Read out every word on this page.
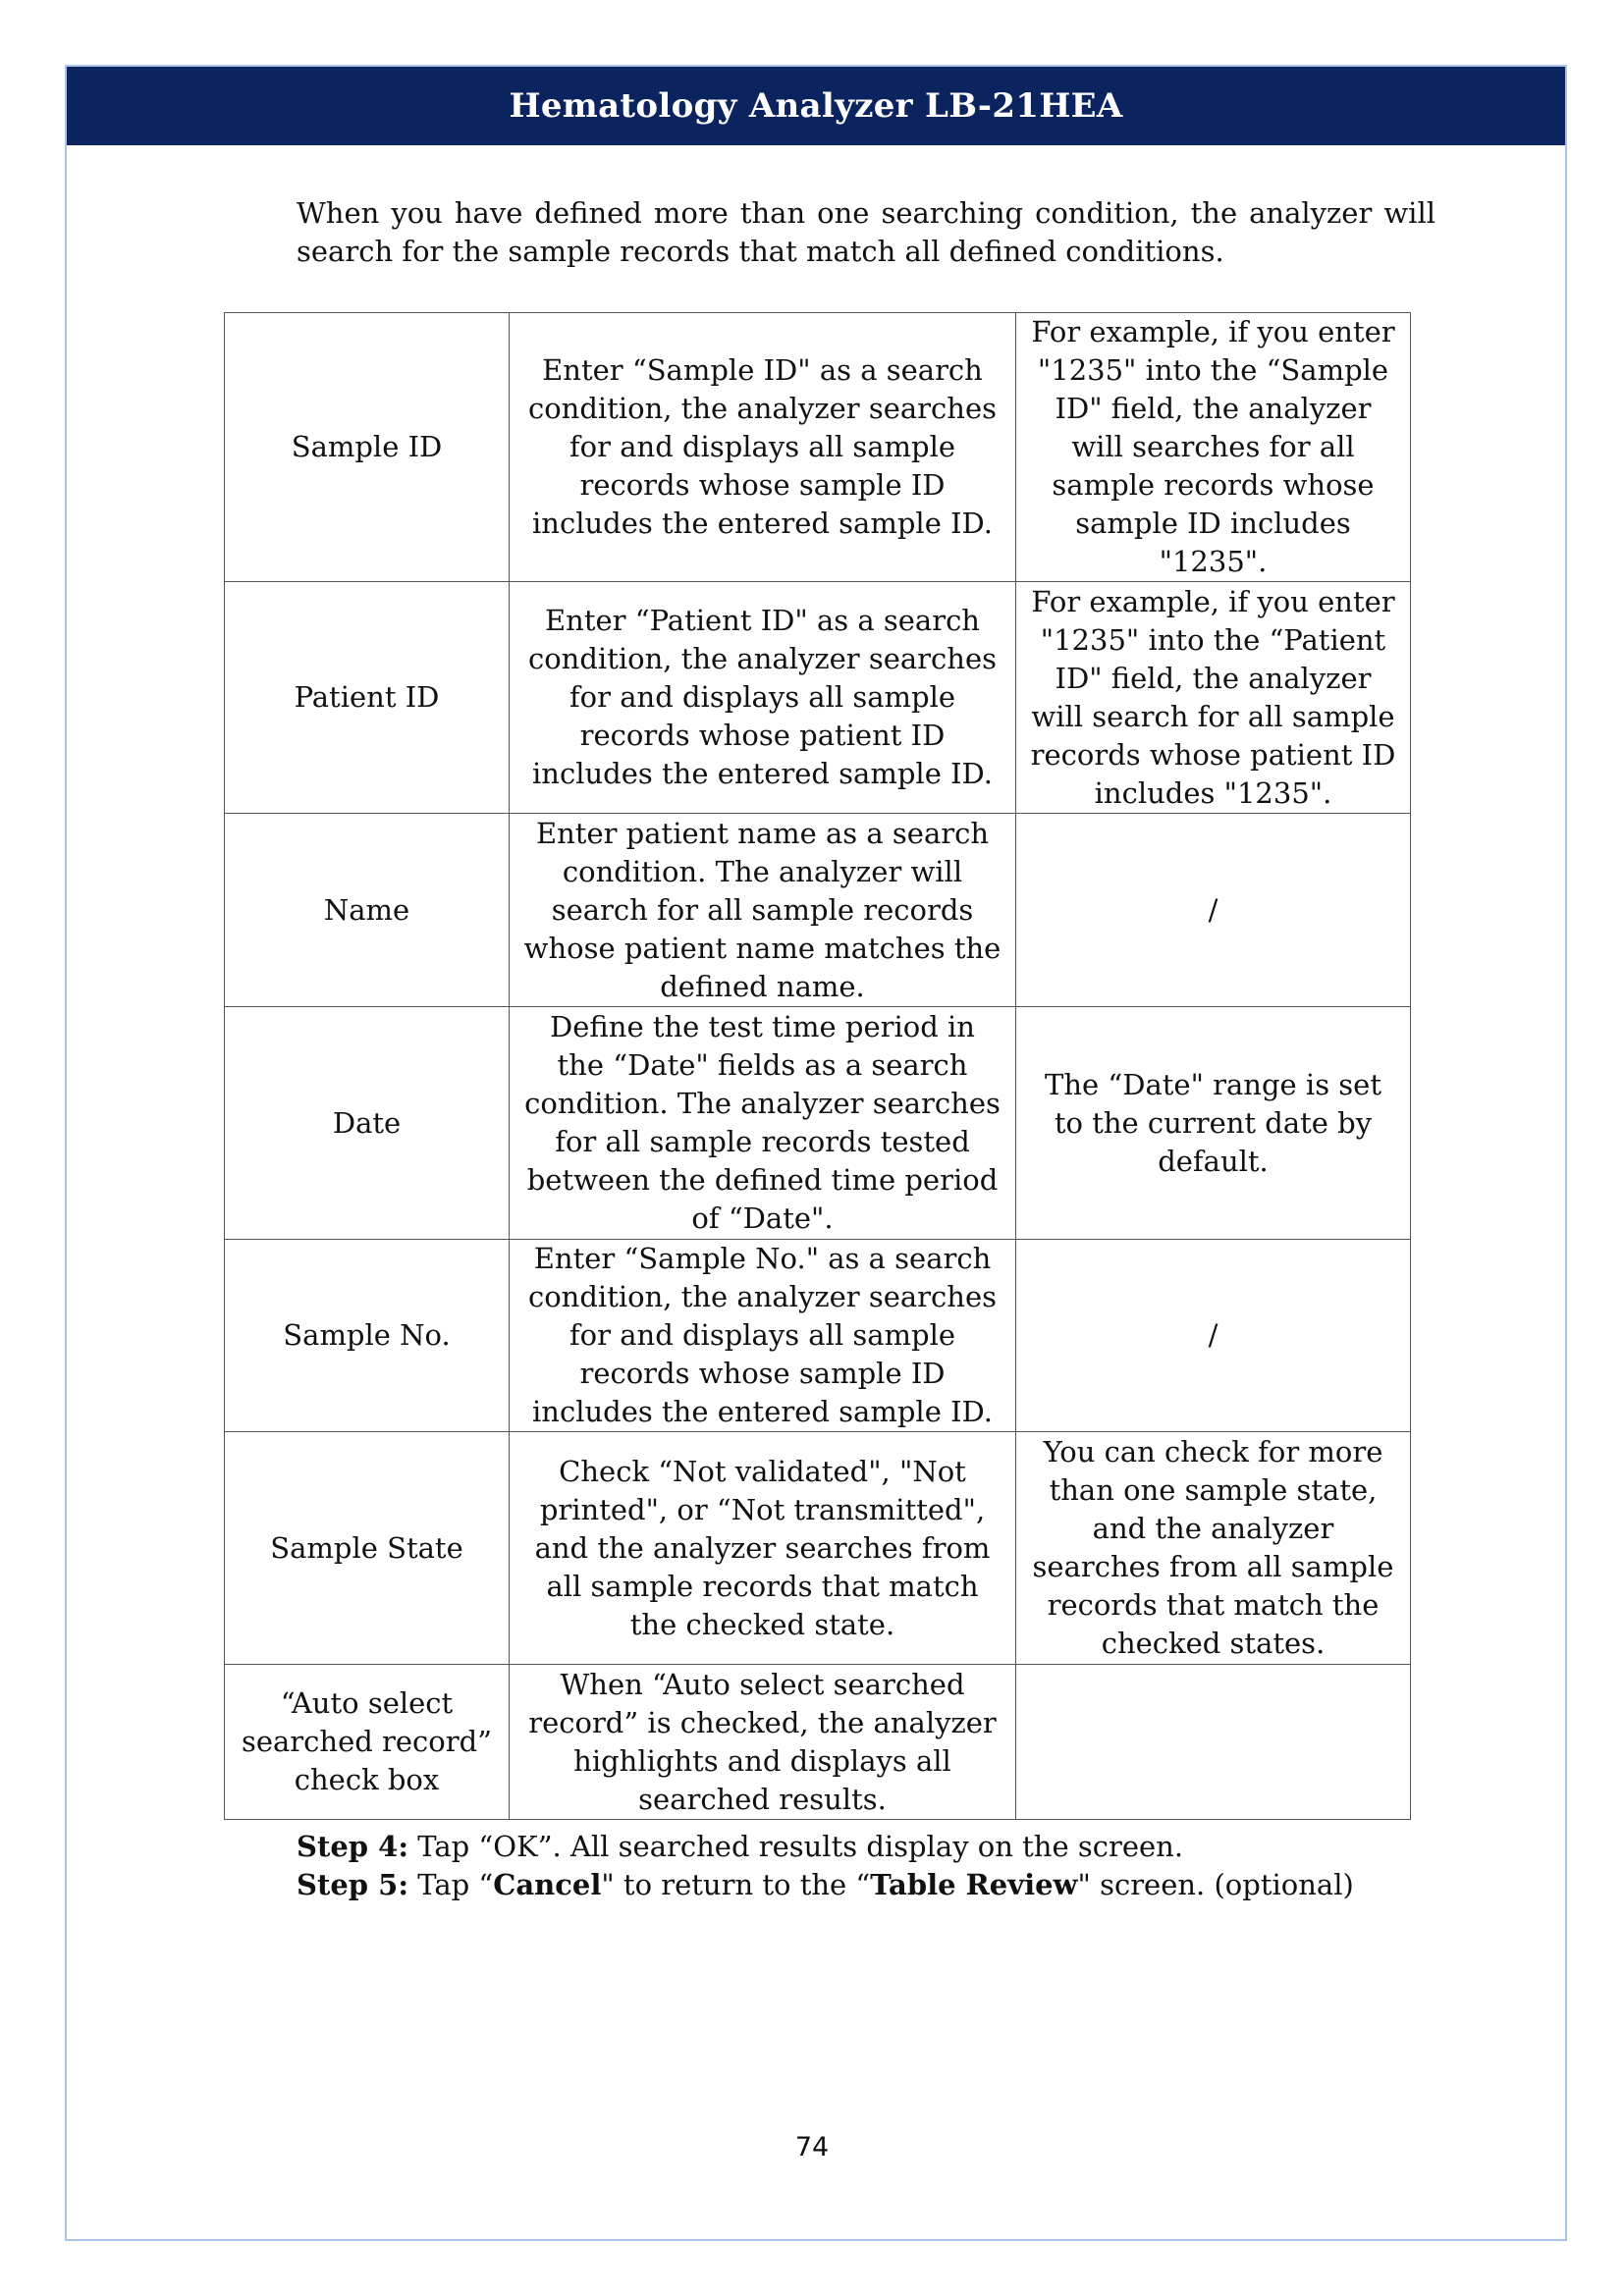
Hematology Analyzer LB-21HEA
When you have defined more than one searching condition, the analyzer will search for the sample records that match all defined conditions.
Sample ID	Enter “Sample ID" as a search condition, the analyzer searches for and displays all sample records whose sample ID includes the entered sample ID.	For example, if you enter "1235" into the “Sample ID" field, the analyzer will searches for all sample records whose sample ID includes "1235".
Patient ID	Enter “Patient ID" as a search condition, the analyzer searches for and displays all sample records whose patient ID includes the entered sample ID.	For example, if you enter "1235" into the “Patient ID" field, the analyzer will search for all sample records whose patient ID includes "1235".
Name	Enter patient name as a search condition. The analyzer will search for all sample records whose patient name matches the defined name.	/
Date	Define the test time period in the “Date" fields as a search condition. The analyzer searches for all sample records tested between the defined time period of “Date".	The “Date" range is set to the current date by default.
Sample No.	Enter “Sample No." as a search condition, the analyzer searches for and displays all sample records whose sample ID includes the entered sample ID.	/
Sample State	Check “Not validated", "Not printed", or “Not transmitted", and the analyzer searches from all sample records that match the checked state.	You can check for more than one sample state, and the analyzer searches from all sample records that match the checked states.
“Auto select searched record” check box	When “Auto select searched record” is checked, the analyzer highlights and displays all searched results.	
Step 4: Tap “OK”. All searched results display on the screen.
Step 5: Tap “Cancel" to return to the “Table Review" screen. (optional)
74
